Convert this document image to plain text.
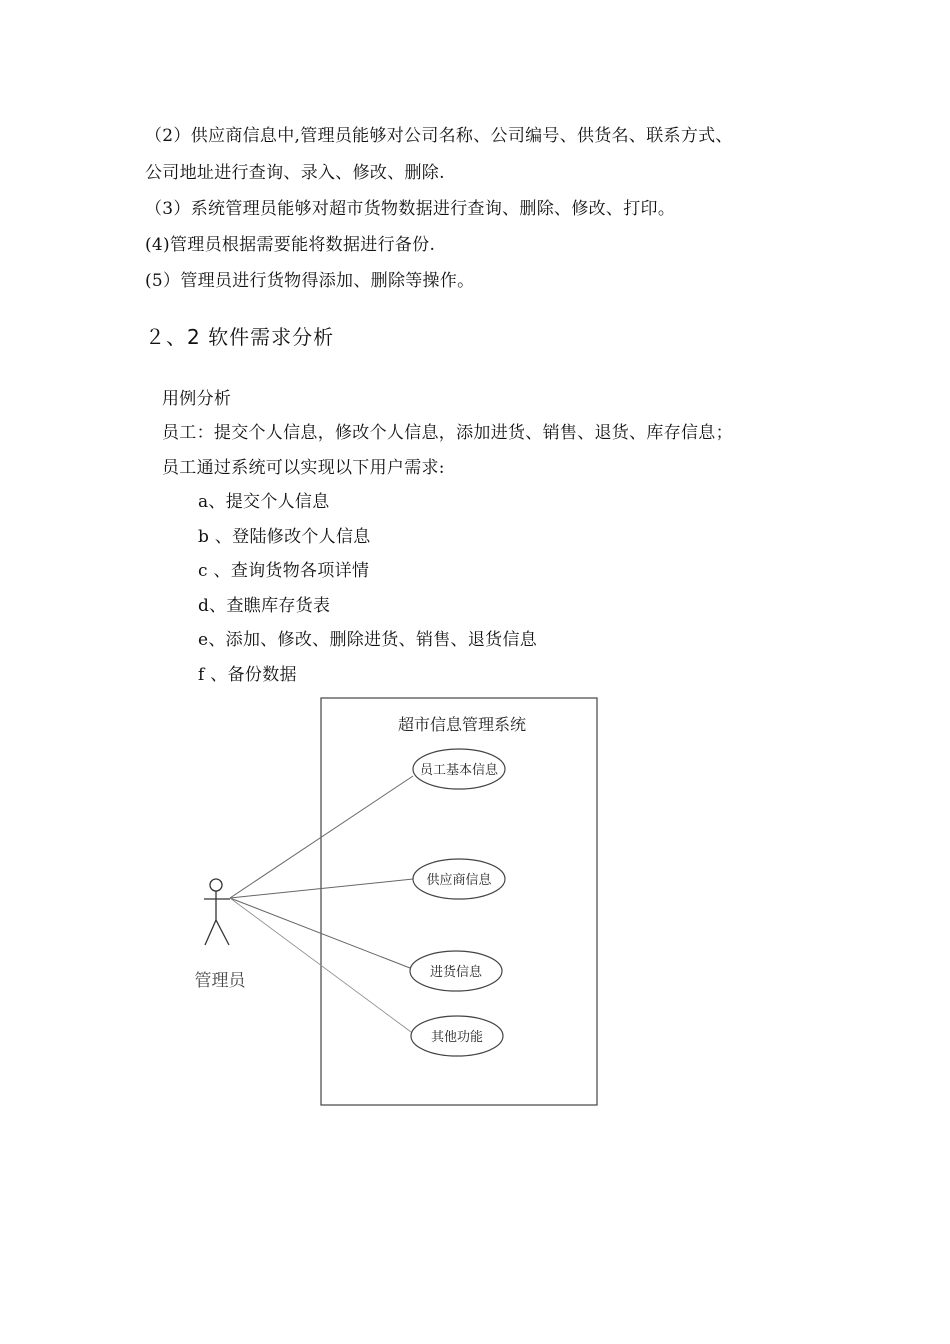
（2）供应商信息中,管理员能够对公司名称、公司编号、供货名、联系方式、
公司地址进行查询、录入、修改、删除.
（3）系统管理员能够对超市货物数据进行查询、删除、修改、打印。
(4)管理员根据需要能将数据进行备份.
(5）管理员进行货物得添加、删除等操作。
２、2 软件需求分析
用例分析
员工：提交个人信息，修改个人信息，添加进货、销售、退货、库存信息；
员工通过系统可以实现以下用户需求:
a、提交个人信息
b 、登陆修改个人信息
c 、查询货物各项详情
d、查瞧库存货表
e、添加、修改、删除进货、销售、退货信息
f 、备份数据
超市信息管理系统
管理员
员工基本信息
供应商信息
进货信息
其他功能
